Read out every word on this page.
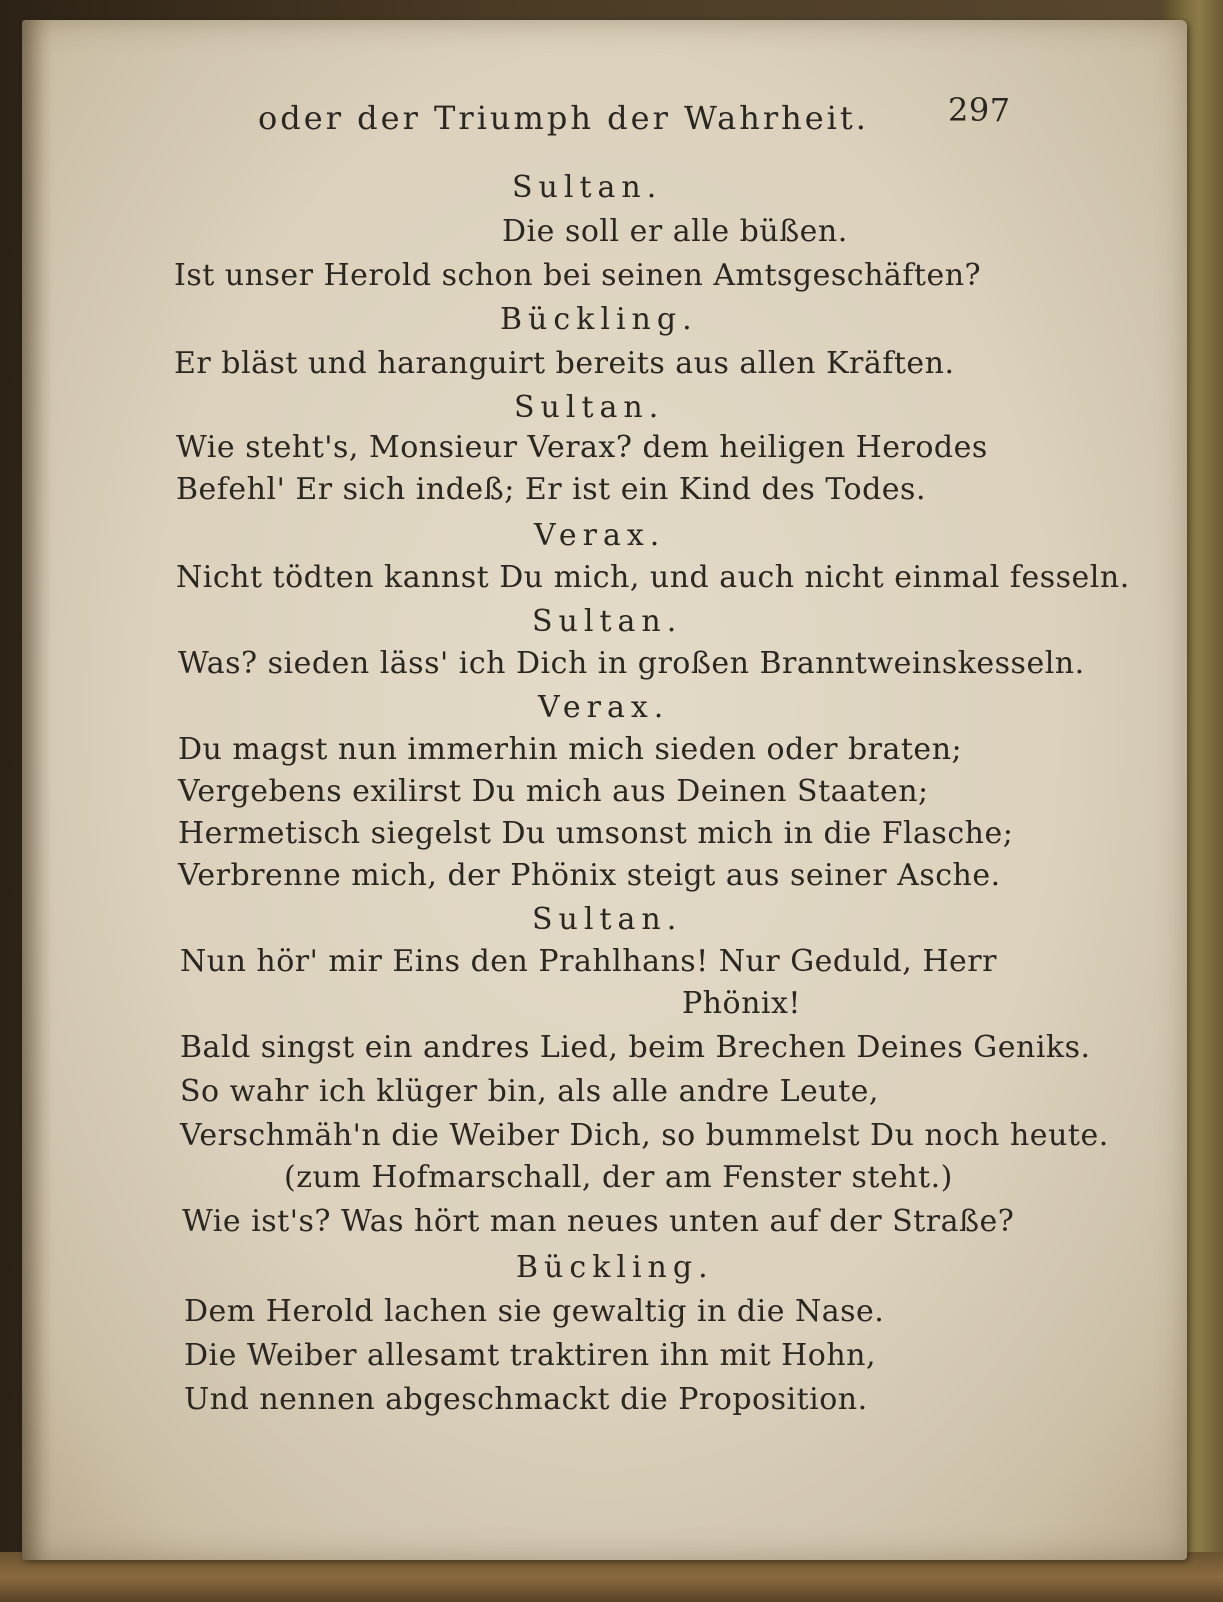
oder der Triumph der Wahrheit. 297
Sultan.
Die soll er alle büßen.
Ist unser Herold schon bei seinen Amtsgeschäften?
Bückling.
Er bläst und haranguirt bereits aus allen Kräften.
Sultan.
Wie steht's, Monsieur Verax? dem heiligen Herodes
Befehl' Er sich indeß; Er ist ein Kind des Todes.
Verax.
Nicht tödten kannst Du mich, und auch nicht einmal fesseln.
Sultan.
Was? sieden läss' ich Dich in großen Branntweinskesseln.
Verax.
Du magst nun immerhin mich sieden oder braten;
Vergebens exilirst Du mich aus Deinen Staaten;
Hermetisch siegelst Du umsonst mich in die Flasche;
Verbrenne mich, der Phönix steigt aus seiner Asche.
Sultan.
Nun hör' mir Eins den Prahlhans! Nur Geduld, Herr
Phönix!
Bald singst ein andres Lied, beim Brechen Deines Geniks.
So wahr ich klüger bin, als alle andre Leute,
Verschmäh'n die Weiber Dich, so bummelst Du noch heute.
(zum Hofmarschall, der am Fenster steht.)
Wie ist's? Was hört man neues unten auf der Straße?
Bückling.
Dem Herold lachen sie gewaltig in die Nase.
Die Weiber allesamt traktiren ihn mit Hohn,
Und nennen abgeschmackt die Proposition.
